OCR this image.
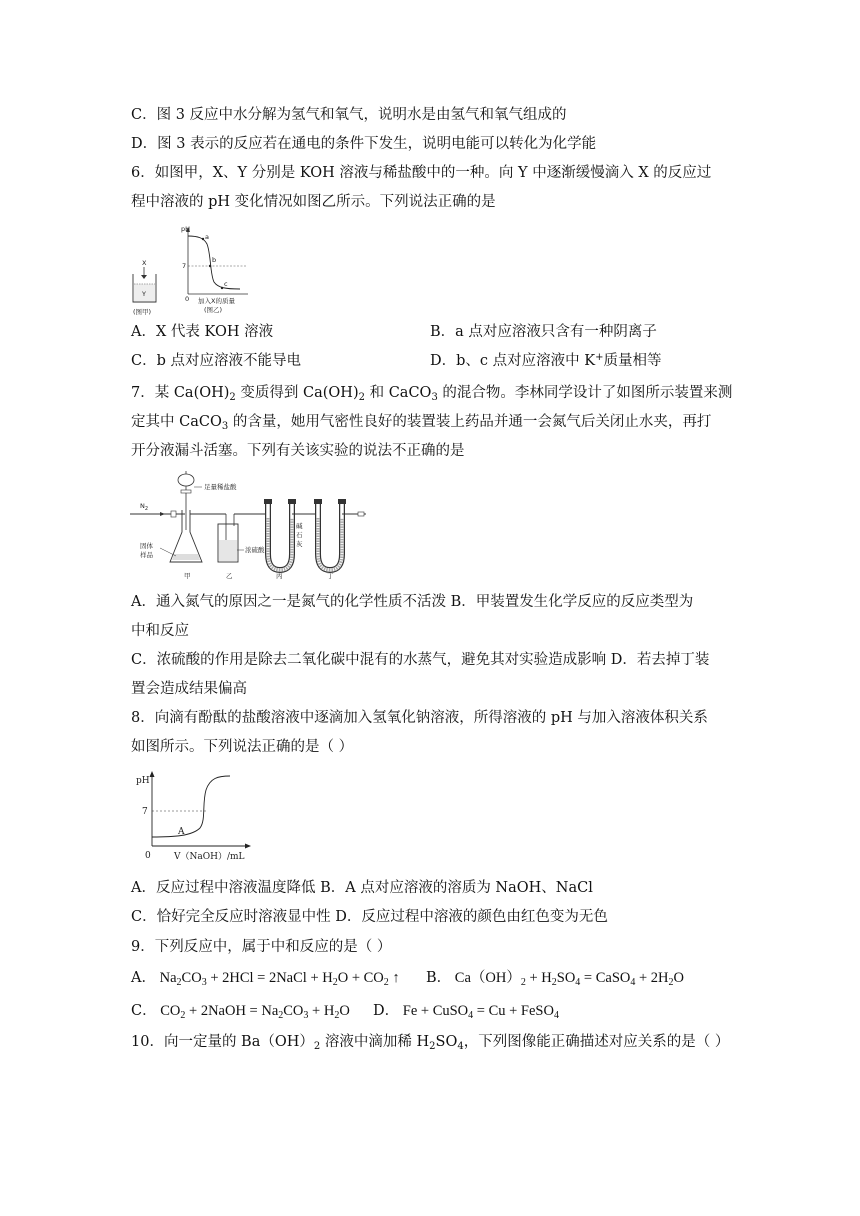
C．图 3 反应中水分解为氢气和氧气，说明水是由氢气和氧气组成的
D．图 3 表示的反应若在通电的条件下发生，说明电能可以转化为化学能
6．如图甲，X、Y 分别是 KOH 溶液与稀盐酸中的一种。向 Y 中逐渐缓慢滴入 X 的反应过
程中溶液的 pH 变化情况如图乙所示。下列说法正确的是
X
Y
(图甲)
pH
7
0
a
b
c
加入X的质量
(图乙)
A．X 代表 KOH 溶液	B．a 点对应溶液只含有一种阴离子
C．b 点对应溶液不能导电	D．b、c 点对应溶液中 K+质量相等
7．某 $Ca(OH)_2$ 变质得到 $Ca(OH)_2$ 和 CaCO$_3$ 的混合物。李林同学设计了如图所示装置来测
定其中 CaCO$_3$ 的含量，她用气密性良好的装置装上药品并通一会氮气后关闭止水夹，再打
开分液漏斗活塞。下列有关该实验的说法不正确的是
$N_2$
足量稀盐酸
固体
样品
浓硫酸
碱
石
灰
甲	乙	丙	丁
A．通入氮气的原因之一是氮气的化学性质不活泼 B．甲装置发生化学反应的反应类型为
中和反应
C．浓硫酸的作用是除去二氧化碳中混有的水蒸气，避免其对实验造成影响 D．若去掉丁装
置会造成结果偏高
8．向滴有酚酞的盐酸溶液中逐滴加入氢氧化钠溶液，所得溶液的 pH 与加入溶液体积关系
如图所示。下列说法正确的是（ ）
pH
7
0
A
V（NaOH）/mL
A．反应过程中溶液温度降低 B．A 点对应溶液的溶质为 NaOH、NaCl
C．恰好完全反应时溶液显中性 D．反应过程中溶液的颜色由红色变为无色
9．下列反应中，属于中和反应的是（ ）
A． $Na_2CO_3 + 2HCl$ = 2NaCl + $H_2O + CO_2$ ↑ B． $Ca(OH)_2 + H_2SO_4$ = CaSO$_4$ + $2H_2O$
C． $CO_2$ + 2NaOH = $Na_2CO_3 + H_2O$ D． Fe + CuSO$_4$ = Cu + FeSO$_4$
10．向一定量的 $Ba(OH)_2$ 溶液中滴加稀 $H_2SO_4$，下列图像能正确描述对应关系的是（ ）
